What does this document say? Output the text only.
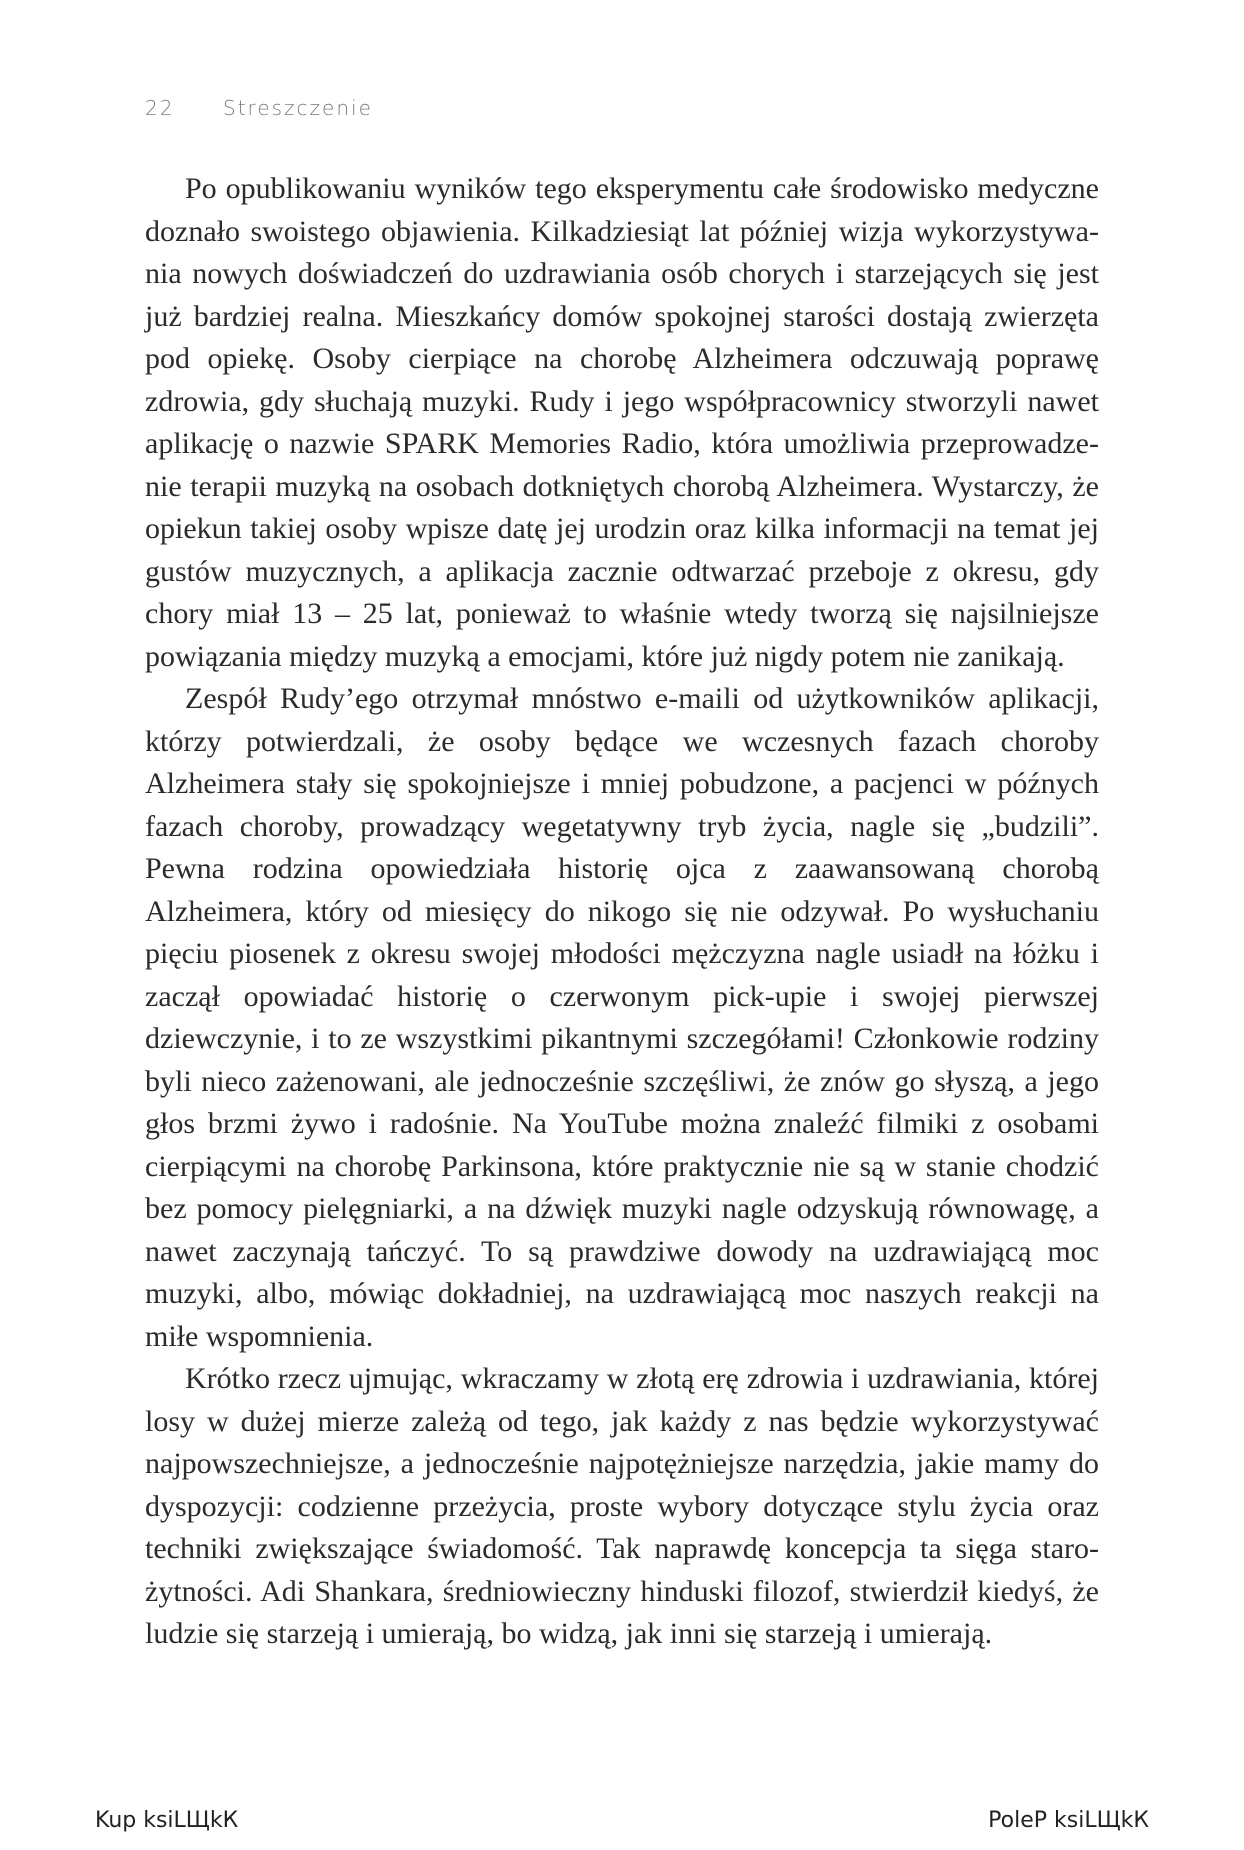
22 Streszczenie

Po opublikowaniu wyników tego eksperymentu całe środowisko medyczne doznało swoistego objawienia. Kilkadziesiąt lat później wizja wykorzystywania nowych doświadczeń do uzdrawiania osób chorych i starzejących się jest już bardziej realna. Mieszkańcy domów spokojnej starości dostają zwierzęta pod opiekę. Osoby cierpiące na chorobę Alzheimera odczuwają poprawę zdrowia, gdy słuchają muzyki. Rudy i jego współpracownicy stworzyli nawet aplikację o nazwie SPARK Memories Radio, która umożliwia przeprowadzenie terapii muzyką na osobach dotkniętych chorobą Alzheimera. Wystarczy, że opiekun takiej osoby wpisze datę jej urodzin oraz kilka informacji na temat jej gustów muzycznych, a aplikacja zacznie odtwarzać przeboje z okresu, gdy chory miał 13 – 25 lat, ponieważ to właśnie wtedy tworzą się najsilniejsze powiązania między muzyką a emocjami, które już nigdy potem nie zanikają.

Zespół Rudy’ego otrzymał mnóstwo e-maili od użytkowników aplikacji, którzy potwierdzali, że osoby będące we wczesnych fazach choroby Alzheimera stały się spokojniejsze i mniej pobudzone, a pacjenci w późnych fazach choroby, prowadzący wegetatywny tryb życia, nagle się „budzili”. Pewna rodzina opowiedziała historię ojca z zaawansowaną chorobą Alzheimera, który od miesięcy do nikogo się nie odzywał. Po wysłuchaniu pięciu piosenek z okresu swojej młodości mężczyzna nagle usiadł na łóżku i zaczął opowiadać historię o czerwonym pick-upie i swojej pierwszej dziewczynie, i to ze wszystkimi pikantnymi szczegółami! Członkowie rodziny byli nieco zażenowani, ale jednocześnie szczęśliwi, że znów go słyszą, a jego głos brzmi żywo i radośnie. Na YouTube można znaleźć filmiki z osobami cierpiącymi na chorobę Parkinsona, które praktycznie nie są w stanie chodzić bez pomocy pielęgniarki, a na dźwięk muzyki nagle odzyskują równowagę, a nawet zaczynają tańczyć. To są prawdziwe dowody na uzdrawiającą moc muzyki, albo, mówiąc dokładniej, na uzdrawiającą moc naszych reakcji na miłe wspomnienia.

Krótko rzecz ujmując, wkraczamy w złotą erę zdrowia i uzdrawiania, której losy w dużej mierze zależą od tego, jak każdy z nas będzie wykorzystywać najpowszechniejsze, a jednocześnie najpotężniejsze narzędzia, jakie mamy do dyspozycji: codzienne przeżycia, proste wybory dotyczące stylu życia oraz techniki zwiększające świadomość. Tak naprawdę koncepcja ta sięga starożytności. Adi Shankara, średniowieczny hinduski filozof, stwierdził kiedyś, że ludzie się starzeją i umierają, bo widzą, jak inni się starzeją i umierają.

Kup ksiLЩkК	PoleР ksiLЩkК
